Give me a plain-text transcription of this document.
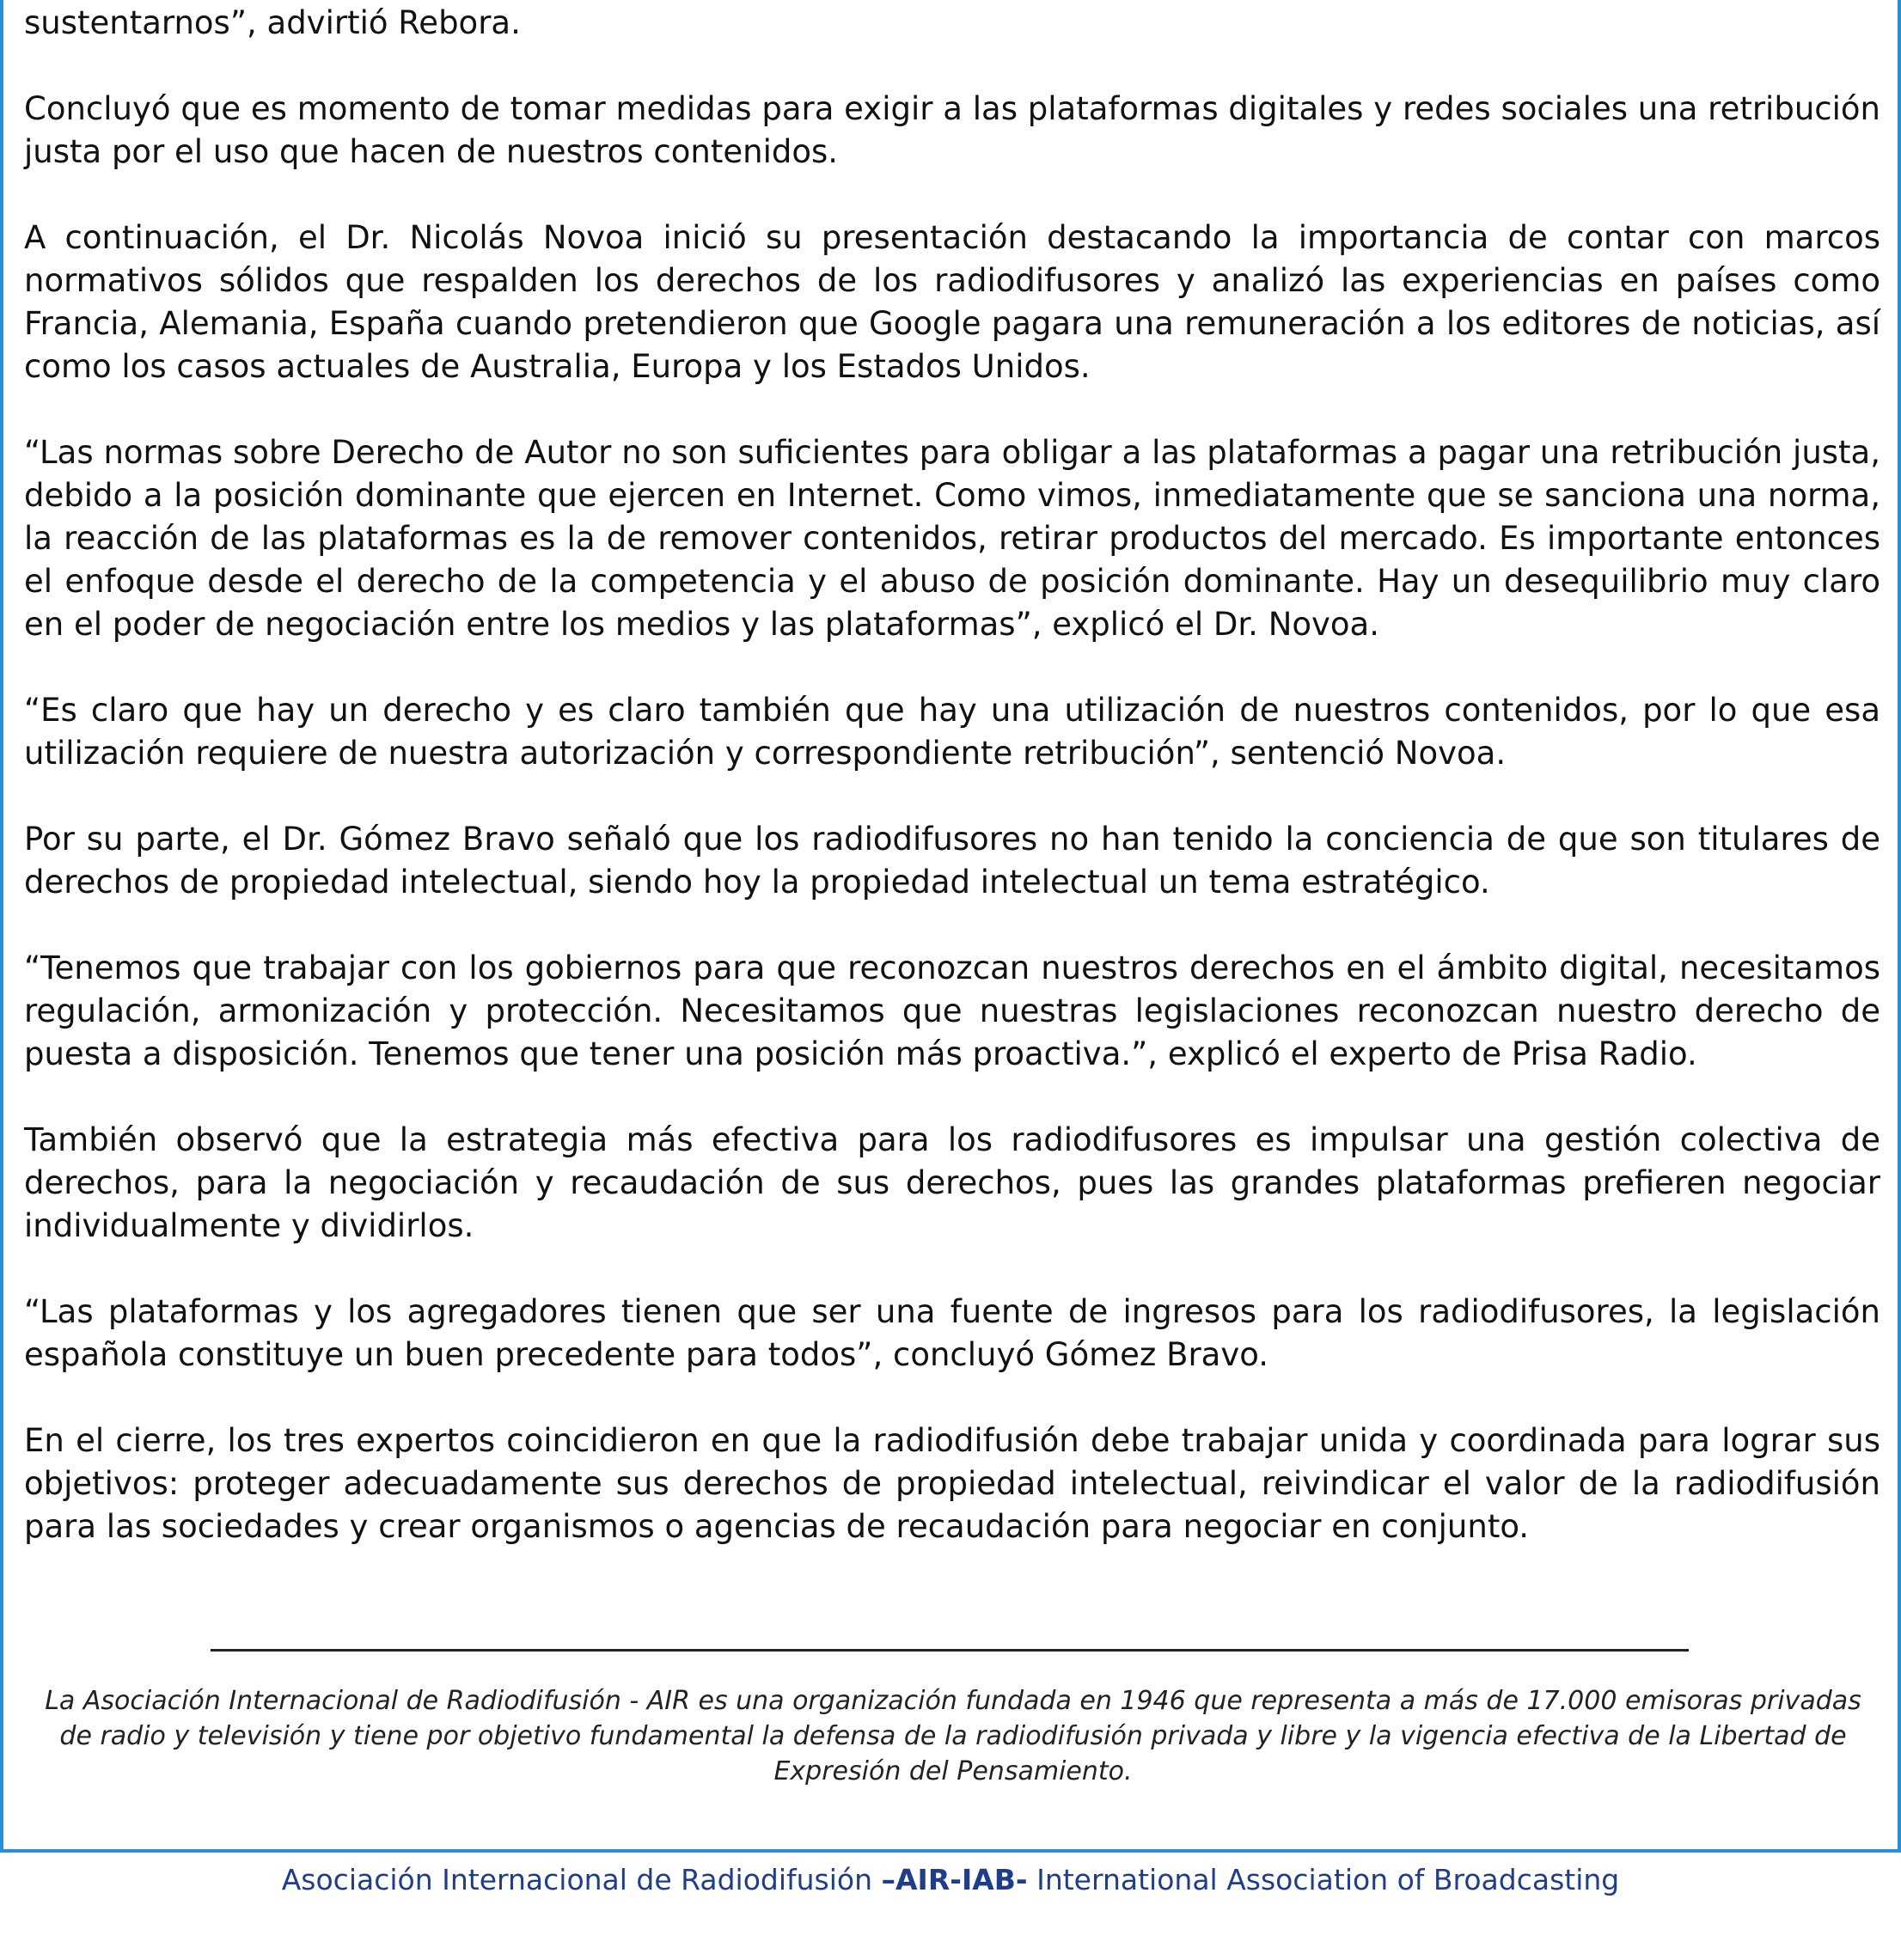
sustentarnos”, advirtió Rebora.

Concluyó que es momento de tomar medidas para exigir a las plataformas digitales y redes sociales una retribución justa por el uso que hacen de nuestros contenidos.

A continuación, el Dr. Nicolás Novoa inició su presentación destacando la importancia de contar con marcos normativos sólidos que respalden los derechos de los radiodifusores y analizó las experiencias en países como Francia, Alemania, España cuando pretendieron que Google pagara una remuneración a los editores de noticias, así como los casos actuales de Australia, Europa y los Estados Unidos.

“Las normas sobre Derecho de Autor no son suficientes para obligar a las plataformas a pagar una retribución justa, debido a la posición dominante que ejercen en Internet. Como vimos, inmediatamente que se sanciona una norma, la reacción de las plataformas es la de remover contenidos, retirar productos del mercado. Es importante entonces el enfoque desde el derecho de la competencia y el abuso de posición dominante. Hay un desequilibrio muy claro en el poder de negociación entre los medios y las plataformas”, explicó el Dr. Novoa.

“Es claro que hay un derecho y es claro también que hay una utilización de nuestros contenidos, por lo que esa utilización requiere de nuestra autorización y correspondiente retribución”, sentenció Novoa.

Por su parte, el Dr. Gómez Bravo señaló que los radiodifusores no han tenido la conciencia de que son titulares de derechos de propiedad intelectual, siendo hoy la propiedad intelectual un tema estratégico.

“Tenemos que trabajar con los gobiernos para que reconozcan nuestros derechos en el ámbito digital, necesitamos regulación, armonización y protección. Necesitamos que nuestras legislaciones reconozcan nuestro derecho de puesta a disposición. Tenemos que tener una posición más proactiva.”, explicó el experto de Prisa Radio.

También observó que la estrategia más efectiva para los radiodifusores es impulsar una gestión colectiva de derechos, para la negociación y recaudación de sus derechos, pues las grandes plataformas prefieren negociar individualmente y dividirlos.

“Las plataformas y los agregadores tienen que ser una fuente de ingresos para los radiodifusores, la legislación española constituye un buen precedente para todos”, concluyó Gómez Bravo.

En el cierre, los tres expertos coincidieron en que la radiodifusión debe trabajar unida y coordinada para lograr sus objetivos: proteger adecuadamente sus derechos de propiedad intelectual, reivindicar el valor de la radiodifusión para las sociedades y crear organismos o agencias de recaudación para negociar en conjunto.

La Asociación Internacional de Radiodifusión - AIR es una organización fundada en 1946 que representa a más de 17.000 emisoras privadas de radio y televisión y tiene por objetivo fundamental la defensa de la radiodifusión privada y libre y la vigencia efectiva de la Libertad de Expresión del Pensamiento.
Asociación Internacional de Radiodifusión –AIR-IAB- International Association of Broadcasting
